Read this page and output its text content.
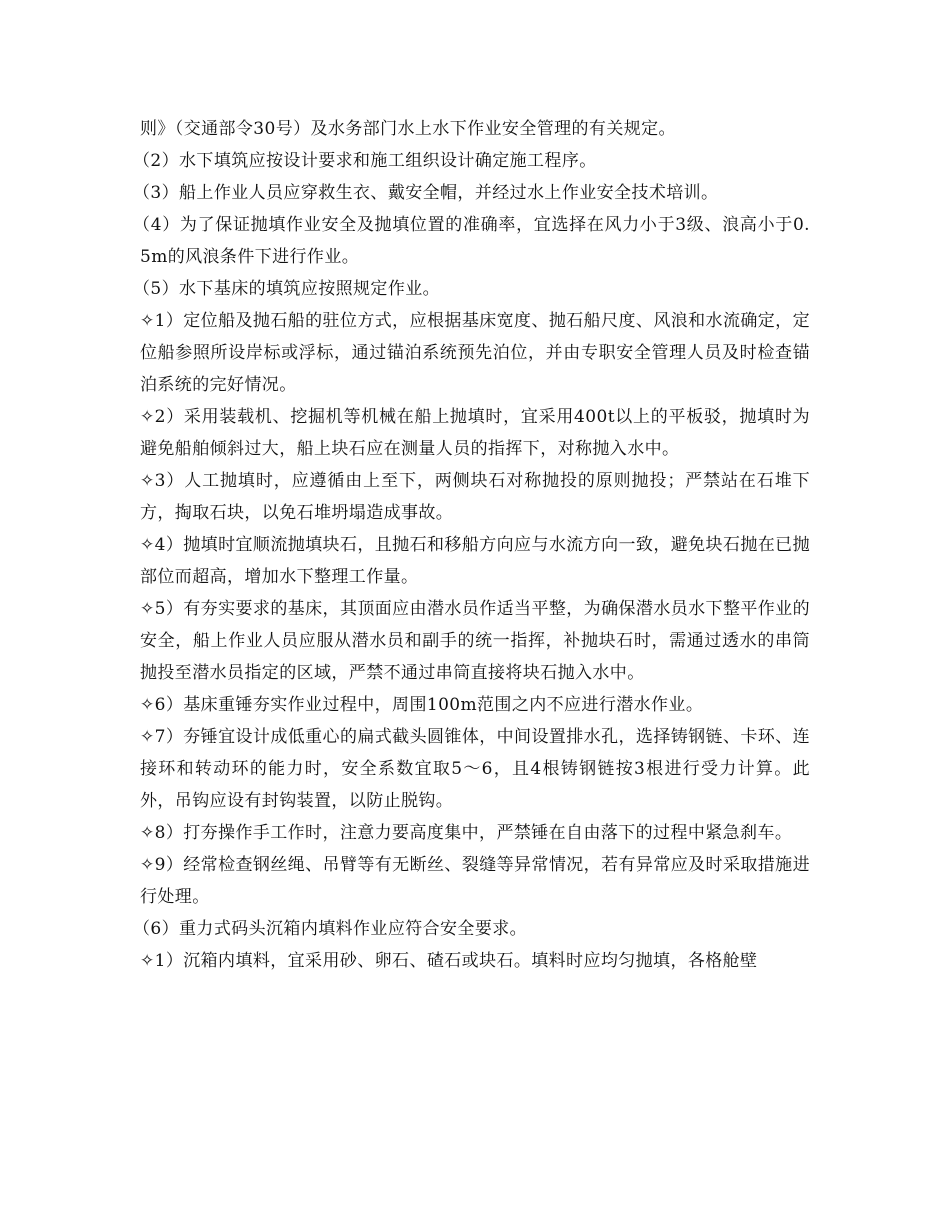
则》（交通部令30号）及水务部门水上水下作业安全管理的有关规定。

（2）水下填筑应按设计要求和施工组织设计确定施工程序。

（3）船上作业人员应穿救生衣、戴安全帽，并经过水上作业安全技术培训。

（4）为了保证抛填作业安全及抛填位置的准确率，宜选择在风力小于3级、浪高小于0.5m的风浪条件下进行作业。

（5）水下基床的填筑应按照规定作业。

✧1）定位船及抛石船的驻位方式，应根据基床宽度、抛石船尺度、风浪和水流确定，定位船参照所设岸标或浮标，通过锚泊系统预先泊位，并由专职安全管理人员及时检查锚泊系统的完好情况。

✧2）采用装载机、挖掘机等机械在船上抛填时，宜采用400t以上的平板驳，抛填时为避免船舶倾斜过大，船上块石应在测量人员的指挥下，对称抛入水中。

✧3）人工抛填时，应遵循由上至下，两侧块石对称抛投的原则抛投；严禁站在石堆下方，掏取石块，以免石堆坍塌造成事故。

✧4）抛填时宜顺流抛填块石，且抛石和移船方向应与水流方向一致，避免块石抛在已抛部位而超高，增加水下整理工作量。

✧5）有夯实要求的基床，其顶面应由潜水员作适当平整，为确保潜水员水下整平作业的安全，船上作业人员应服从潜水员和副手的统一指挥，补抛块石时，需通过透水的串筒抛投至潜水员指定的区域，严禁不通过串筒直接将块石抛入水中。

✧6）基床重锤夯实作业过程中，周围100m范围之内不应进行潜水作业。

✧7）夯锤宜设计成低重心的扁式截头圆锥体，中间设置排水孔，选择铸钢链、卡环、连接环和转动环的能力时，安全系数宜取5～6，且4根铸钢链按3根进行受力计算。此外，吊钩应设有封钩装置，以防止脱钩。

✧8）打夯操作手工作时，注意力要高度集中，严禁锤在自由落下的过程中紧急刹车。

✧9）经常检查钢丝绳、吊臂等有无断丝、裂缝等异常情况，若有异常应及时采取措施进行处理。

（6）重力式码头沉箱内填料作业应符合安全要求。

✧1）沉箱内填料，宜采用砂、卵石、碴石或块石。填料时应均匀抛填，各格舱壁
